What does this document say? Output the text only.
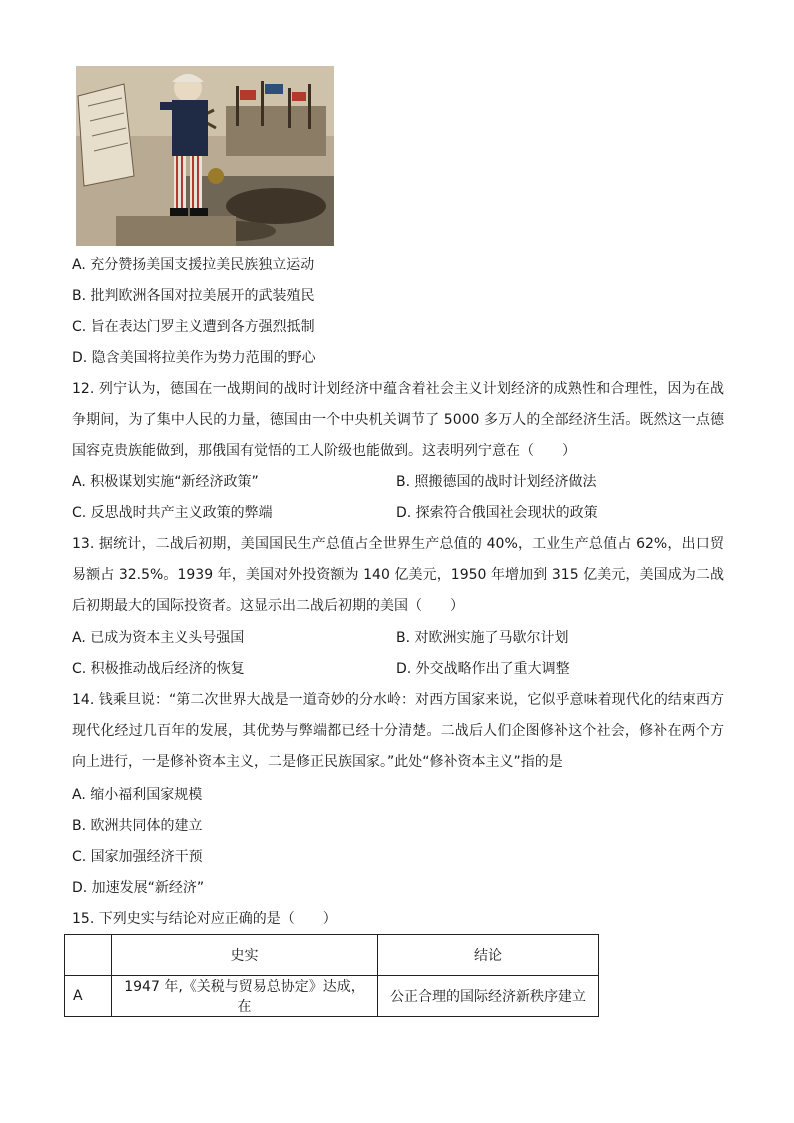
A. 充分赞扬美国支援拉美民族独立运动
B. 批判欧洲各国对拉美展开的武装殖民
C. 旨在表达门罗主义遭到各方强烈抵制
D. 隐含美国将拉美作为势力范围的野心
12. 列宁认为，德国在一战期间的战时计划经济中蕴含着社会主义计划经济的成熟性和合理性，因为在战争期间，为了集中人民的力量，德国由一个中央机关调节了 5000 多万人的全部经济生活。既然这一点德国容克贵族能做到，那俄国有觉悟的工人阶级也能做到。这表明列宁意在（　　）
A. 积极谋划实施“新经济政策”	B. 照搬德国的战时计划经济做法
C. 反思战时共产主义政策的弊端	D. 探索符合俄国社会现状的政策
13. 据统计，二战后初期，美国国民生产总值占全世界生产总值的 40%，工业生产总值占 62%，出口贸易额占 32.5%。1939 年，美国对外投资额为 140 亿美元，1950 年增加到 315 亿美元，美国成为二战后初期最大的国际投资者。这显示出二战后初期的美国（　　）
A. 已成为资本主义头号强国	B. 对欧洲实施了马歇尔计划
C. 积极推动战后经济的恢复	D. 外交战略作出了重大调整
14. 钱乘旦说：“第二次世界大战是一道奇妙的分水岭：对西方国家来说，它似乎意味着现代化的结束西方现代化经过几百年的发展，其优势与弊端都已经十分清楚。二战后人们企图修补这个社会，修补在两个方向上进行，一是修补资本主义，二是修正民族国家。”此处“修补资本主义”指的是
A. 缩小福利国家规模
B. 欧洲共同体的建立
C. 国家加强经济干预
D. 加速发展“新经济”
15. 下列史实与结论对应正确的是（　　）
	史实	结论
A	1947 年,《关税与贸易总协定》达成，在	公正合理的国际经济新秩序建立
